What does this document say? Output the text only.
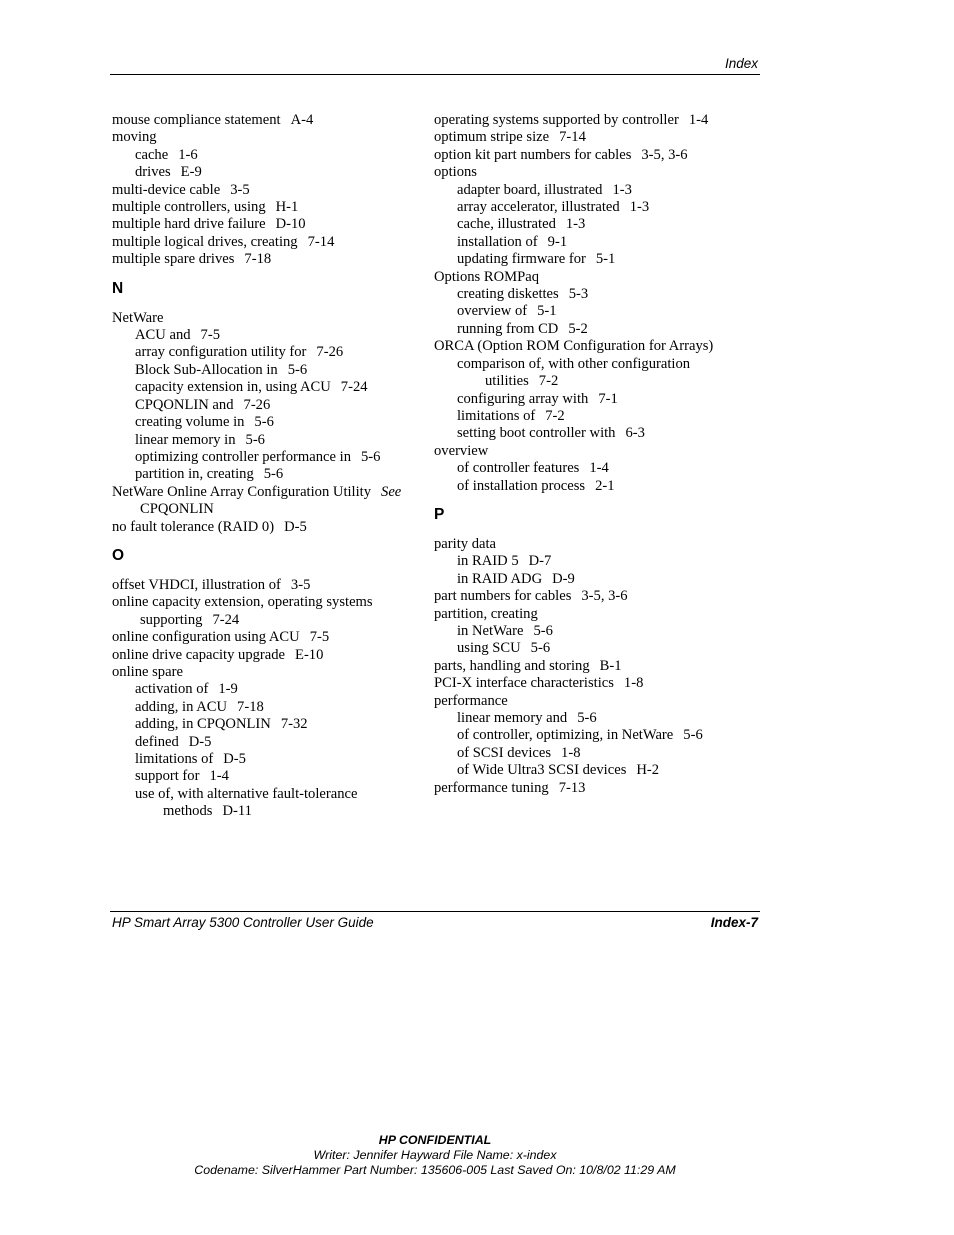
Index

mouse compliance statement A-4

moving

cache 1-6

drives E-9

multi-device cable 3-5

multiple controllers, using H-1

multiple hard drive failure D-10

multiple logical drives, creating 7-14

multiple spare drives 7-18

N

NetWare

ACU and 7-5

array configuration utility for 7-26

Block Sub-Allocation in 5-6

capacity extension in, using ACU 7-24

CPQONLIN and 7-26

creating volume in 5-6

linear memory in 5-6

optimizing controller performance in 5-6

partition in, creating 5-6

NetWare Online Array Configuration Utility See CPQONLIN

no fault tolerance (RAID 0) D-5

O

offset VHDCI, illustration of 3-5

online capacity extension, operating systems supporting 7-24

online configuration using ACU 7-5

online drive capacity upgrade E-10

online spare

activation of 1-9

adding, in ACU 7-18

adding, in CPQONLIN 7-32

defined D-5

limitations of D-5

support for 1-4

use of, with alternative fault-tolerance methods D-11

operating systems supported by controller 1-4

optimum stripe size 7-14

option kit part numbers for cables 3-5, 3-6

options

adapter board, illustrated 1-3

array accelerator, illustrated 1-3

cache, illustrated 1-3

installation of 9-1

updating firmware for 5-1

Options ROMPaq

creating diskettes 5-3

overview of 5-1

running from CD 5-2

ORCA (Option ROM Configuration for Arrays)

comparison of, with other configuration utilities 7-2

configuring array with 7-1

limitations of 7-2

setting boot controller with 6-3

overview

of controller features 1-4

of installation process 2-1

P

parity data

in RAID 5 D-7

in RAID ADG D-9

part numbers for cables 3-5, 3-6

partition, creating

in NetWare 5-6

using SCU 5-6

parts, handling and storing B-1

PCI-X interface characteristics 1-8

performance

linear memory and 5-6

of controller, optimizing, in NetWare 5-6

of SCSI devices 1-8

of Wide Ultra3 SCSI devices H-2

performance tuning 7-13

HP Smart Array 5300 Controller User Guide	Index-7
HP CONFIDENTIAL
Writer: Jennifer Hayward File Name: x-index
Codename: SilverHammer Part Number: 135606-005 Last Saved On: 10/8/02 11:29 AM
